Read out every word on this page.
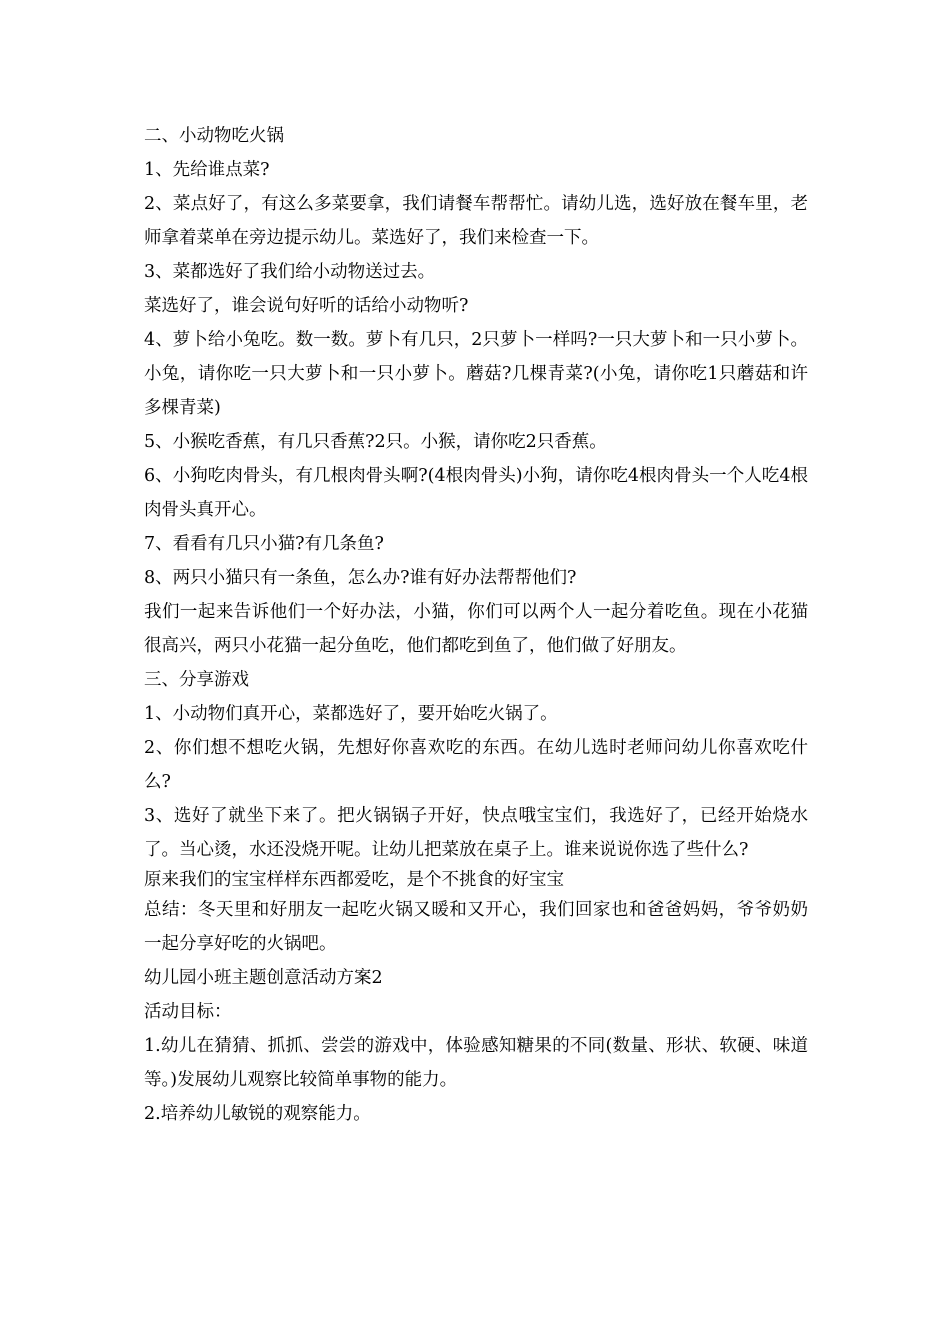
二、小动物吃火锅

1、先给谁点菜?

2、菜点好了，有这么多菜要拿，我们请餐车帮帮忙。请幼儿选，选好放在餐车里，老师拿着菜单在旁边提示幼儿。菜选好了，我们来检查一下。

3、菜都选好了我们给小动物送过去。

菜选好了，谁会说句好听的话给小动物听?

4、萝卜给小兔吃。数一数。萝卜有几只，2只萝卜一样吗?一只大萝卜和一只小萝卜。小兔，请你吃一只大萝卜和一只小萝卜。蘑菇?几棵青菜?(小兔，请你吃1只蘑菇和许多棵青菜)

5、小猴吃香蕉，有几只香蕉?2只。小猴，请你吃2只香蕉。

6、小狗吃肉骨头，有几根肉骨头啊?(4根肉骨头)小狗，请你吃4根肉骨头一个人吃4根肉骨头真开心。

7、看看有几只小猫?有几条鱼?

8、两只小猫只有一条鱼，怎么办?谁有好办法帮帮他们?

我们一起来告诉他们一个好办法，小猫，你们可以两个人一起分着吃鱼。现在小花猫很高兴，两只小花猫一起分鱼吃，他们都吃到鱼了，他们做了好朋友。

三、分享游戏

1、小动物们真开心，菜都选好了，要开始吃火锅了。

2、你们想不想吃火锅，先想好你喜欢吃的东西。在幼儿选时老师问幼儿你喜欢吃什么?

3、选好了就坐下来了。把火锅锅子开好，快点哦宝宝们，我选好了，已经开始烧水了。当心烫，水还没烧开呢。让幼儿把菜放在桌子上。谁来说说你选了些什么?

原来我们的宝宝样样东西都爱吃，是个不挑食的好宝宝

总结：冬天里和好朋友一起吃火锅又暖和又开心，我们回家也和爸爸妈妈，爷爷奶奶一起分享好吃的火锅吧。

幼儿园小班主题创意活动方案2

活动目标：

1.幼儿在猜猜、抓抓、尝尝的游戏中，体验感知糖果的不同(数量、形状、软硬、味道等。)发展幼儿观察比较简单事物的能力。

2.培养幼儿敏锐的观察能力。
